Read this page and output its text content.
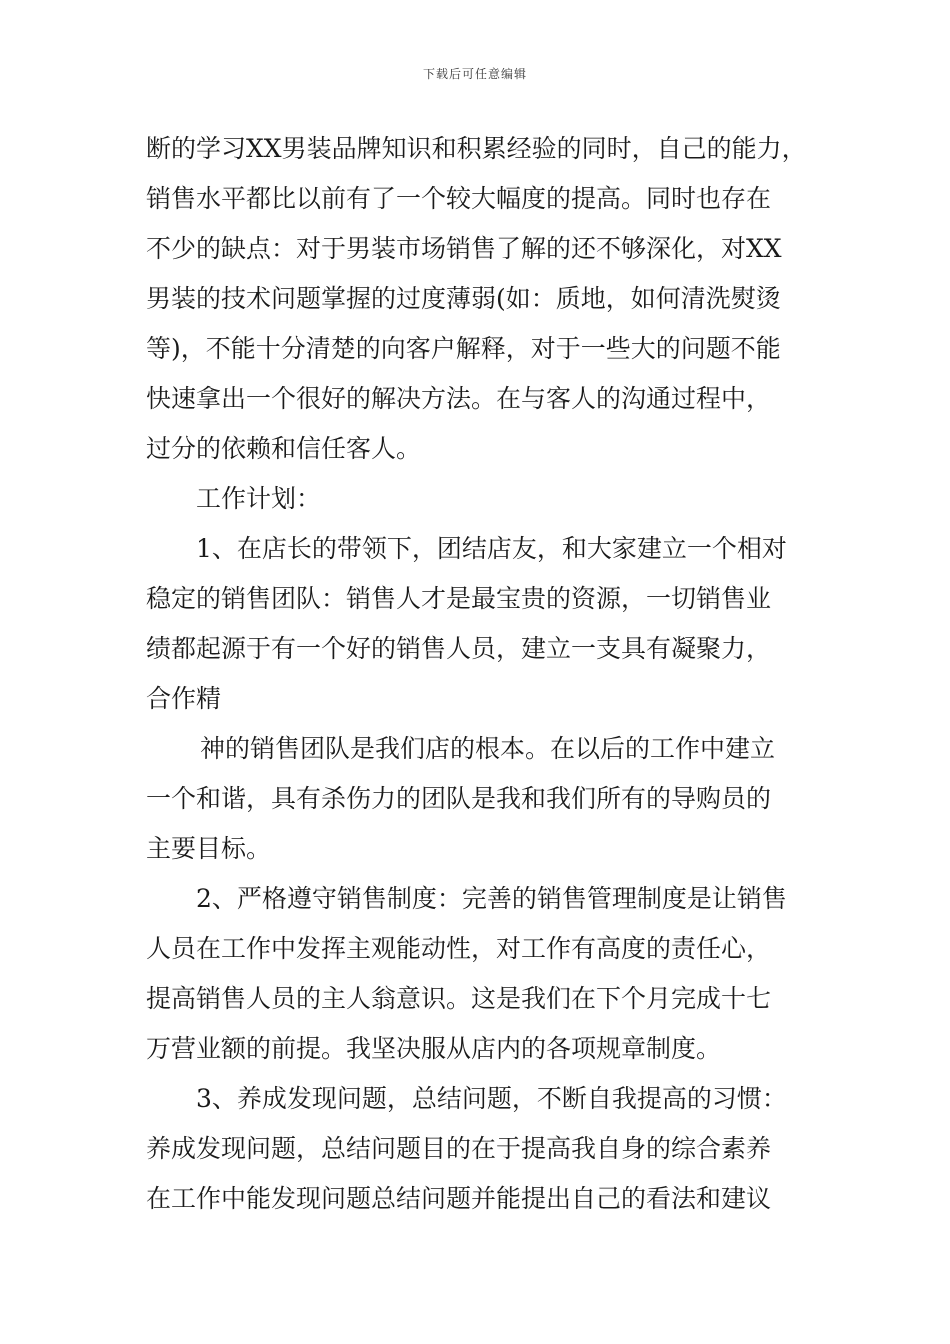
下载后可任意编辑
断的学习XX男装品牌知识和积累经验的同时，自己的能力，
销售水平都比以前有了一个较大幅度的提高。同时也存在
不少的缺点：对于男装市场销售了解的还不够深化，对XX
男装的技术问题掌握的过度薄弱(如：质地，如何清洗熨烫
等)，不能十分清楚的向客户解释，对于一些大的问题不能
快速拿出一个很好的解决方法。在与客人的沟通过程中，
过分的依赖和信任客人。
工作计划：
1、在店长的带领下，团结店友，和大家建立一个相对
稳定的销售团队：销售人才是最宝贵的资源，一切销售业
绩都起源于有一个好的销售人员，建立一支具有凝聚力，
合作精
神的销售团队是我们店的根本。在以后的工作中建立
一个和谐，具有杀伤力的团队是我和我们所有的导购员的
主要目标。
2、严格遵守销售制度：完善的销售管理制度是让销售
人员在工作中发挥主观能动性，对工作有高度的责任心，
提高销售人员的主人翁意识。这是我们在下个月完成十七
万营业额的前提。我坚决服从店内的各项规章制度。
3、养成发现问题，总结问题，不断自我提高的习惯：
养成发现问题，总结问题目的在于提高我自身的综合素养
在工作中能发现问题总结问题并能提出自己的看法和建议
